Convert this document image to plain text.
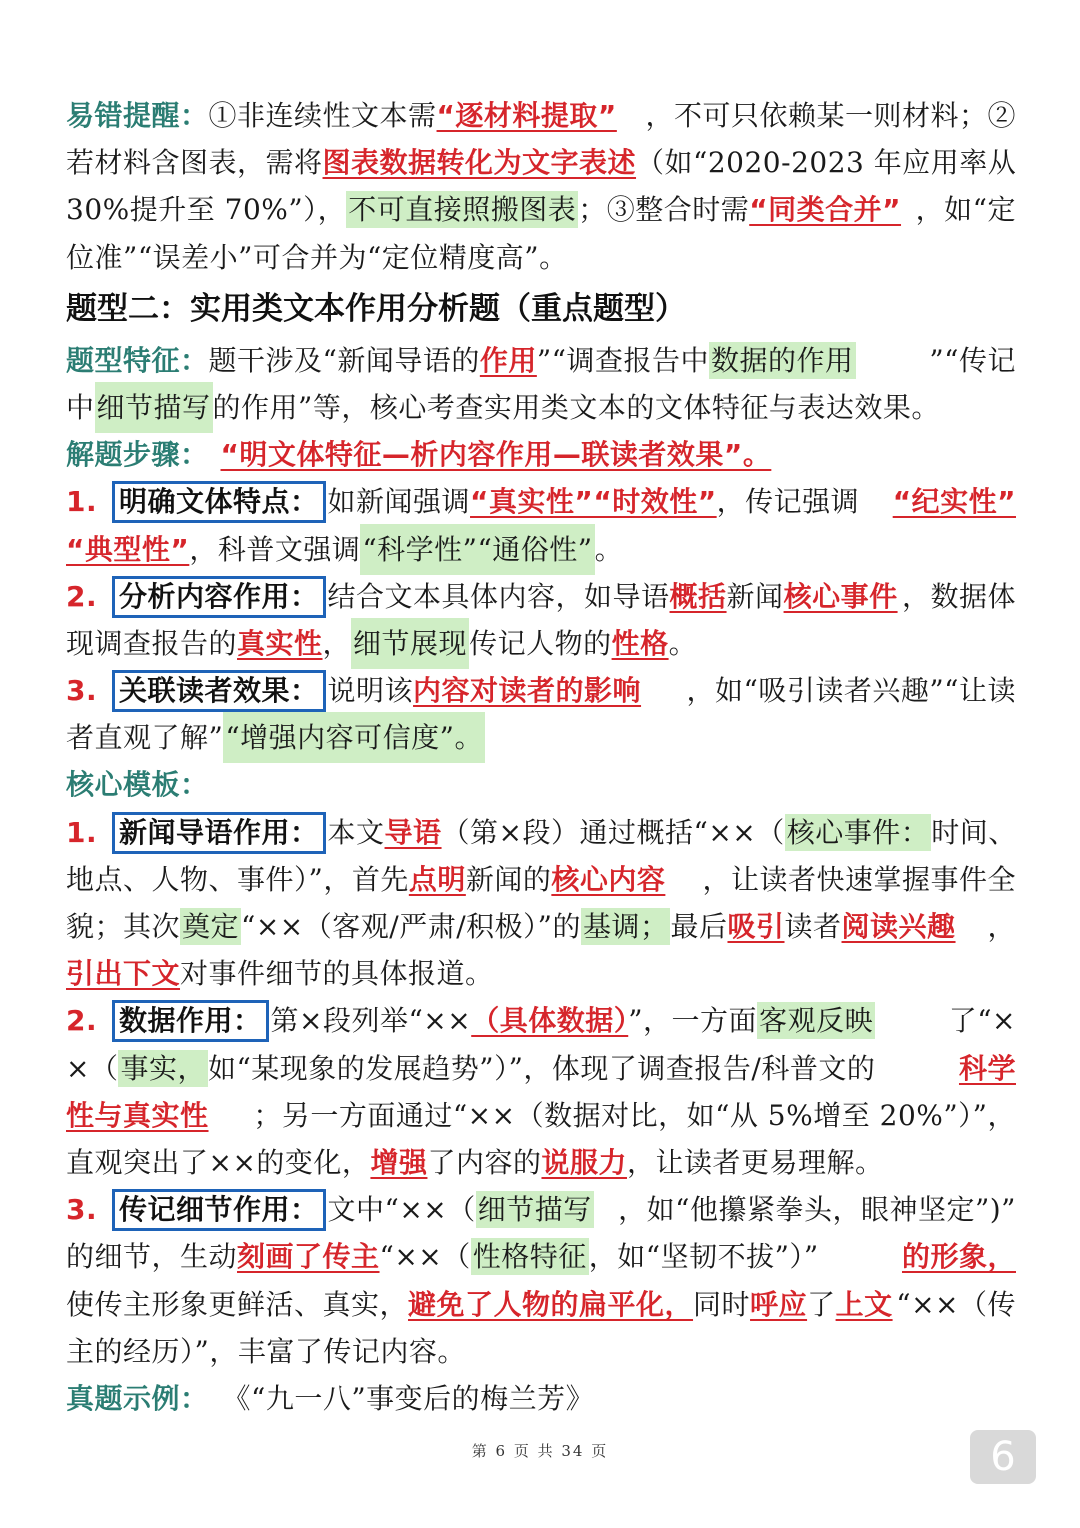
易错提醒：①非连续性文本需“逐材料提取” ，不可只依赖某一则材料；②
若材料含图表，需将 图表数据转化为文字表述 （如“2020-2023 年应用率从
30%提升至 70%”），不可直接照搬图表；③整合时需“同类合并” ，如“定
位准”“误差小”可合并为“定位精度高”。
题型二：实用类文本作用分析题（重点题型）
题型特征：题干涉及“新闻导语的作用”“调查报告中数据的作用	”“传记
中 细节描写 的作用”等，核心考查实用类文本的文体特征与表达效果。
解题步骤： “明文体特征—析内容作用—联读者效果”。
1. 明确文体特点： 如新闻强调“真实性”“时效性”，传记强调 “纪实性”
“典型性” ，科普文强调 “科学性”“通俗性” 。
2. 分析内容作用： 结合文本具体内容，如导语概括新闻核心事件 ，数据体
现调查报告的 真实性 ， 细节展现 传记人物的 性格 。
3. 关联读者效果： 说明该内容对读者的影响 ，如“吸引读者兴趣”“让读
者直观了解” “增强内容可信度”。
核心模板：
1. 新闻导语作用： 本文导语（第×段）通过概括“××（核心事件： 时间、
地点、人物、事件）”，首先点明新闻的核心内容 ，让读者快速掌握事件全
貌；其次奠定“××（客观/严肃/积极）”的基调；最后吸引读者阅读兴趣 ，
引出下文 对事件细节的具体报道。
2. 数据作用： 第×段列举“××（具体数据）”，一方面客观反映	了“×
×（事实，如“某现象的发展趋势”）”，体现了调查报告/科普文的	科学
性与真实性 ；另一方面通过“××（数据对比，如“从 5%增至 20%”）”，
直观突出了××的变化， 增强 了内容的 说服力 ，让读者更易理解。
3. 传记细节作用： 文中“××（细节描写 ，如“他攥紧拳头，眼神坚定”)”
的细节，生动刻画了传主“××（性格特征，如“坚韧不拔”）”	的形象，
使传主形象更鲜活、真实，避免了人物的扁平化，同时呼应了上文 “××（传
主的经历）”，丰富了传记内容。
真题示例： 《“九一八”事变后的梅兰芳》
第 6 页 共 34 页	6
